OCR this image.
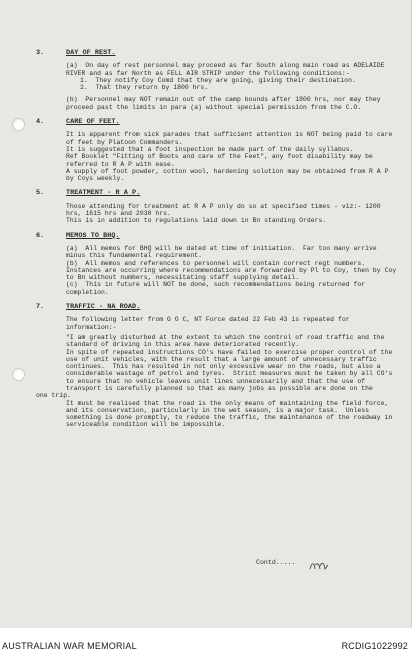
3.	DAY OF REST.

(a)  On day of rest personnel may proceed as far South along main road as ADELAIDE RIVER and as far North as FELL AIR STRIP under the following conditions:-

1.  They notify Coy Comd that they are going, giving their destination.

2.  That they return by 1800 hrs.

(b)  Personnel may NOT remain out of the camp bounds after 1800 hrs, nor may they proceed past the limits in para (a) without special permission from the C.O.

4.	CARE OF FEET.

It is apparent from sick parades that sufficient attention is NOT being paid to care of feet by Platoon Commanders.

It is suggested that a foot inspection be made part of the daily syllabus.

Ref Booklet "Fitting of Boots and care of the Feet", any foot disability may be referred to R A P with ease.

A supply of foot powder, cotton wool, hardening solution may be obtained from R A P by Coys weekly.

5.	TREATMENT - R A P.

Those attending for treatment at R A P only do so at specified times - viz:- 1200 hrs, 1615 hrs and 2030 hrs.

This is in addition to regulations laid down in Bn standing Orders.

6.	MEMOS TO BHQ.

(a)  All memos for BHQ will be dated at time of initiation.  Far too many arrive minus this fundamental requirement.

(b)  All memos and references to personnel will contain correct regt numbers.  Instances are occurring where recommendations are forwarded by Pl to Coy, then by Coy to Bn without numbers, necessitating staff supplying detail.

(c)  This in future will NOT be done, such recommendations being returned for completion.

7.	TRAFFIC - NA ROAD.

The following letter from G O C, NT Force dated 22 Feb 43 is repeated for information:-

"I am greatly disturbed at the extent to which the control of road traffic and the standard of driving in this area have deteriorated recently.

In spite of repeated instructions CO's have failed to exercise proper control of the use of unit vehicles, with the result that a large amount of unnecessary traffic continues.  This has resulted in not only excessive wear on the roads, but also a considerable wastage of petrol and tyres.  Strict measures must be taken by all CO's to ensure that no vehicle leaves unit lines unnecessarily and that the use of transport is carefully planned so that as many jobs as possible are done on the

one trip.

It must be realised that the road is the only means of maintaining the field force, and its conservation, particularly in the wet season, is a major task.  Unless something is done promptly, to reduce the traffic, the maintenance of the roadway in serviceable condition will be impossible.

Contd.....
AUSTRALIAN WAR MEMORIAL	RCDIG1022992
